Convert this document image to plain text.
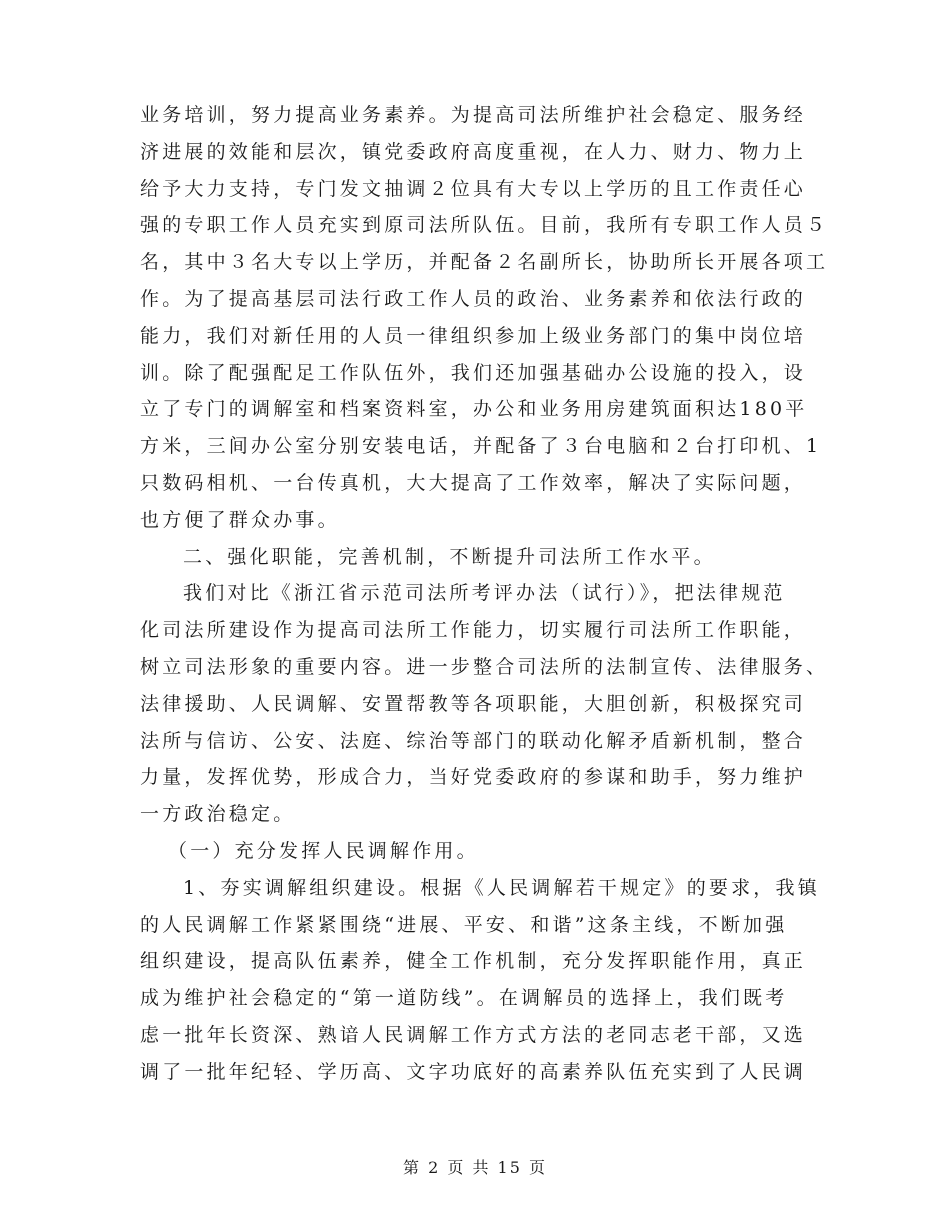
业务培训，努力提高业务素养。为提高司法所维护社会稳定、服务经
济进展的效能和层次，镇党委政府高度重视，在人力、财力、物力上
给予大力支持，专门发文抽调２位具有大专以上学历的且工作责任心
强的专职工作人员充实到原司法所队伍。目前，我所有专职工作人员５
名，其中３名大专以上学历，并配备２名副所长，协助所长开展各项工
作。为了提高基层司法行政工作人员的政治、业务素养和依法行政的
能力，我们对新任用的人员一律组织参加上级业务部门的集中岗位培
训。除了配强配足工作队伍外，我们还加强基础办公设施的投入，设
立了专门的调解室和档案资料室，办公和业务用房建筑面积达180平
方米，三间办公室分别安装电话，并配备了３台电脑和２台打印机、1
只数码相机、一台传真机，大大提高了工作效率，解决了实际问题，
也方便了群众办事。
二、强化职能，完善机制，不断提升司法所工作水平。
我们对比《浙江省示范司法所考评办法（试行）》，把法律规范
化司法所建设作为提高司法所工作能力，切实履行司法所工作职能，
树立司法形象的重要内容。进一步整合司法所的法制宣传、法律服务、
法律援助、人民调解、安置帮教等各项职能，大胆创新，积极探究司
法所与信访、公安、法庭、综治等部门的联动化解矛盾新机制，整合
力量，发挥优势，形成合力，当好党委政府的参谋和助手，努力维护
一方政治稳定。
（一）充分发挥人民调解作用。
1、夯实调解组织建设。根据《人民调解若干规定》的要求，我镇
的人民调解工作紧紧围绕“进展、平安、和谐”这条主线，不断加强
组织建设，提高队伍素养，健全工作机制，充分发挥职能作用，真正
成为维护社会稳定的“第一道防线”。在调解员的选择上，我们既考
虑一批年长资深、熟谙人民调解工作方式方法的老同志老干部，又选
调了一批年纪轻、学历高、文字功底好的高素养队伍充实到了人民调
第 2 页 共 15 页
